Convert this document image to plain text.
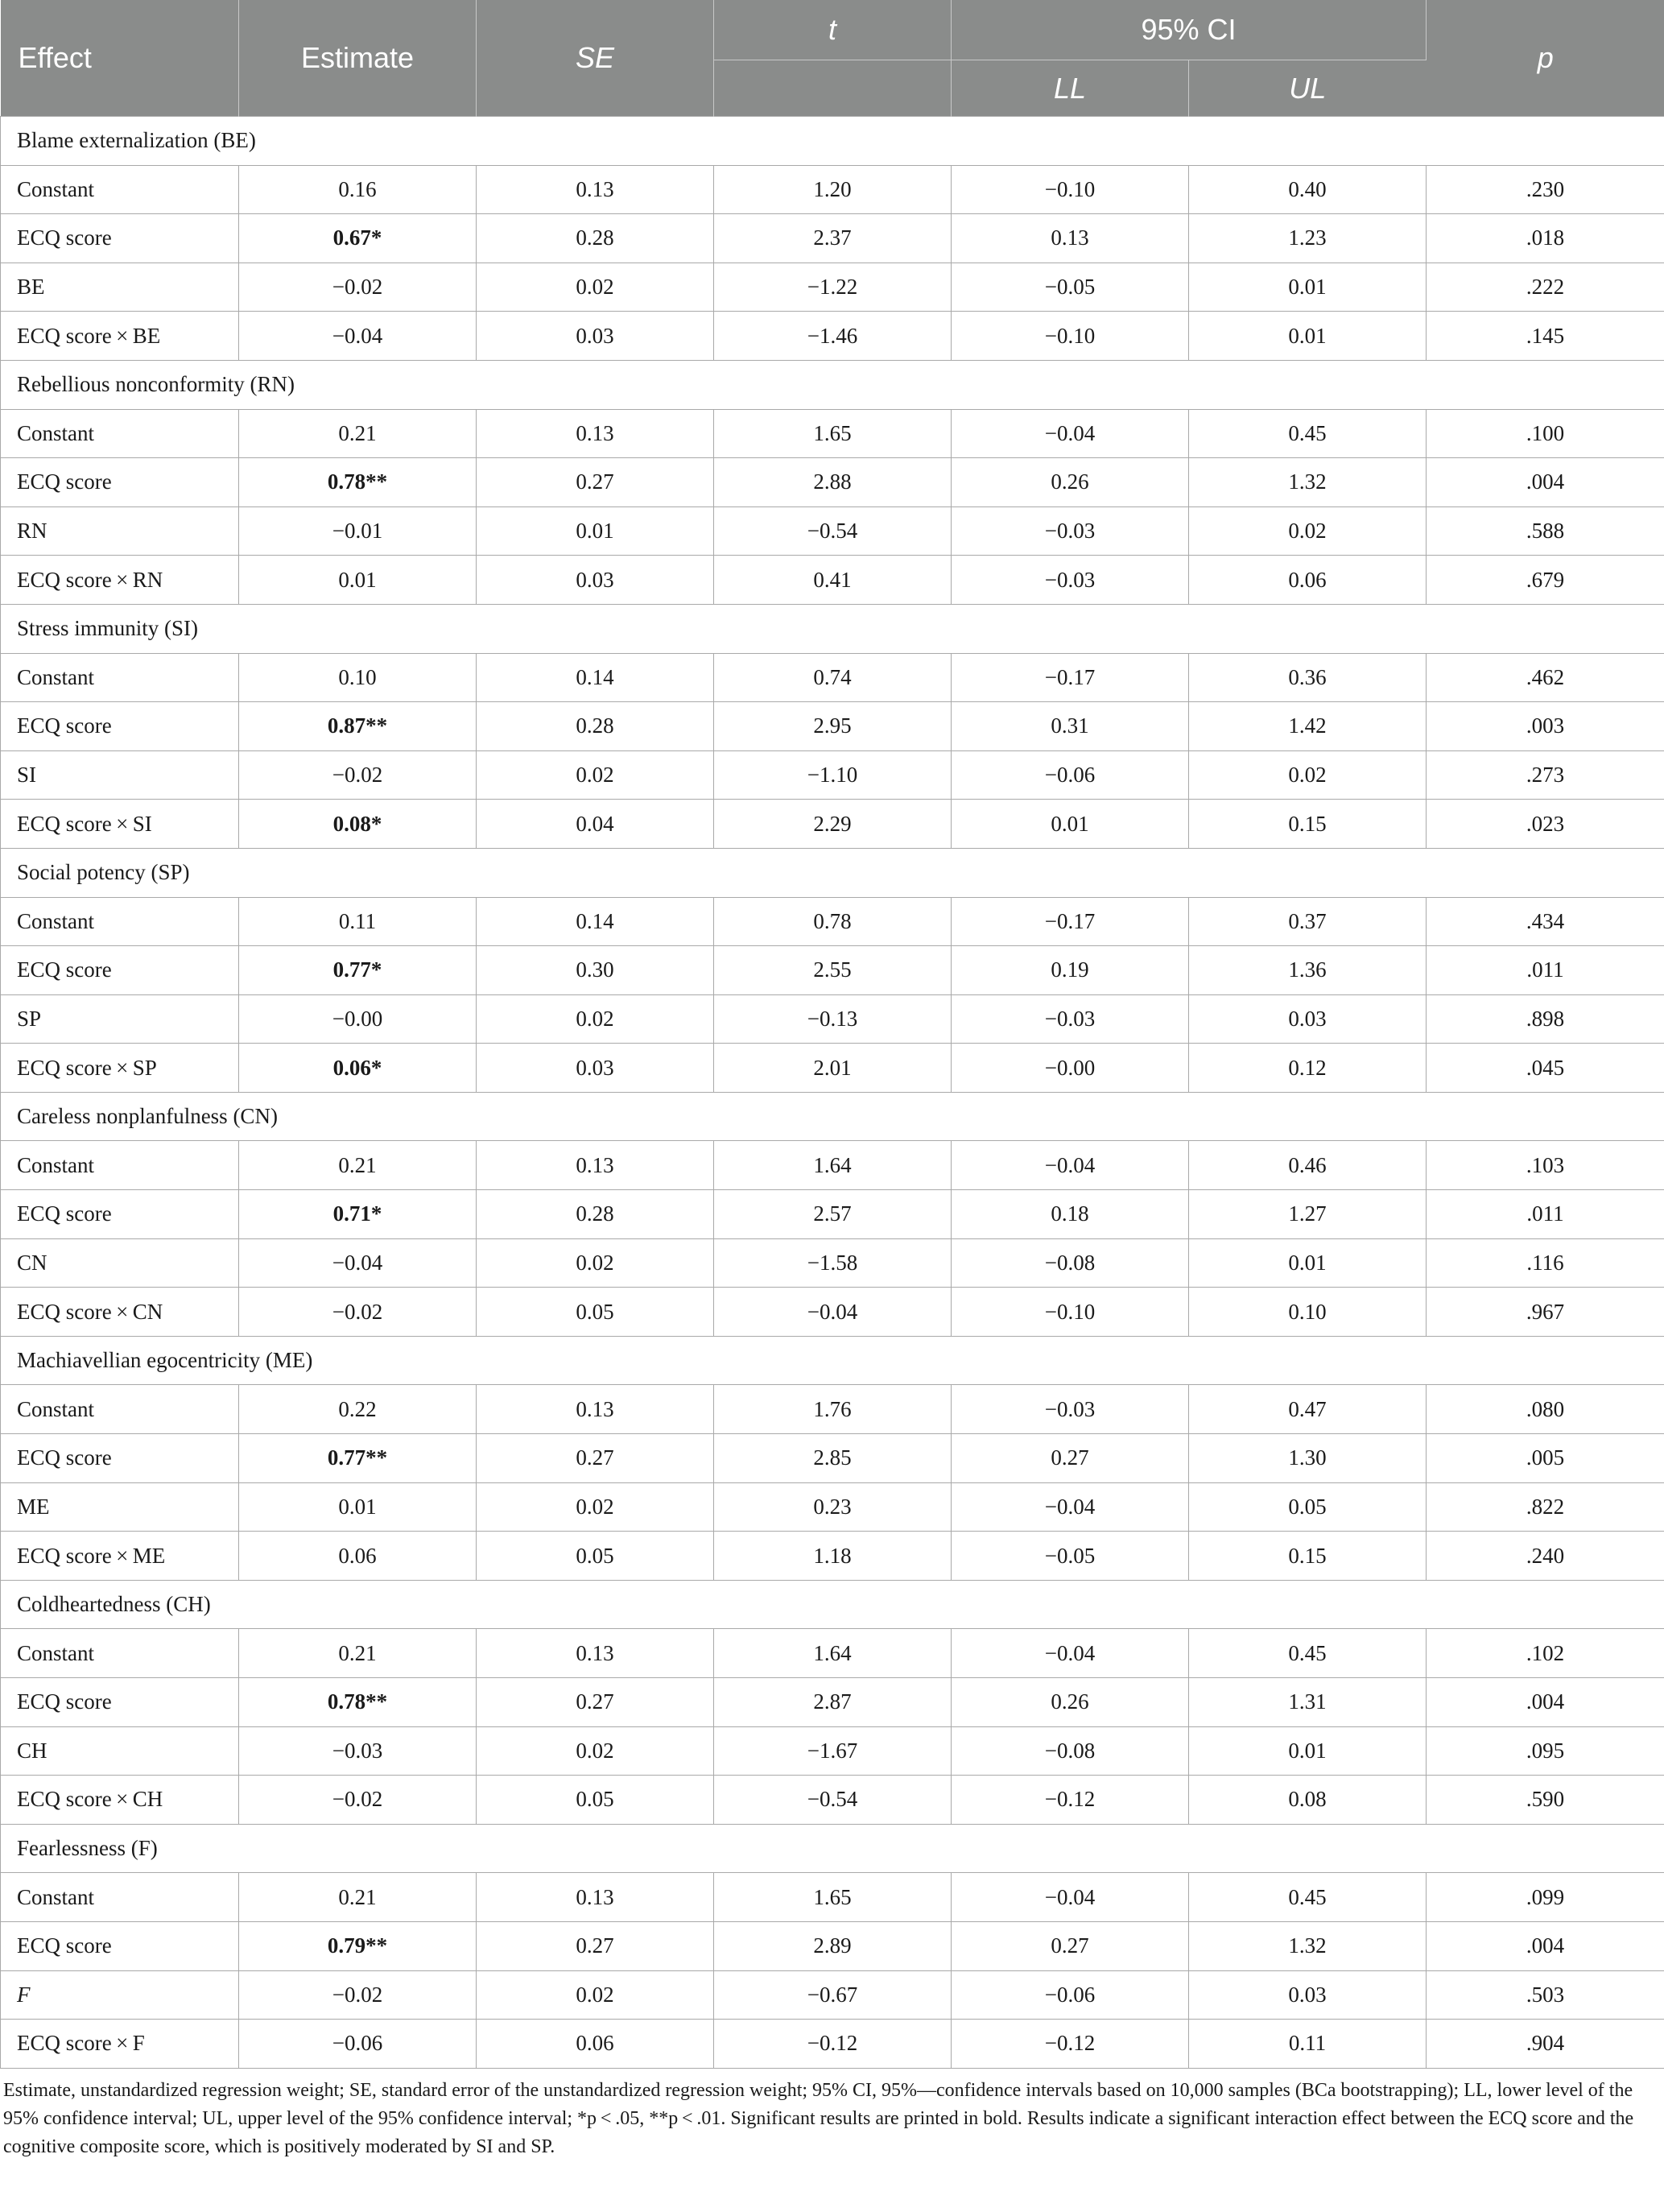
Effect	Estimate	SE	t	95% CI		p
				LL	UL	
Blame externalization (BE)						
Constant	0.16	0.13	1.20	−0.10	0.40	.230
ECQ score	0.67*	0.28	2.37	0.13	1.23	.018
BE	−0.02	0.02	−1.22	−0.05	0.01	.222
ECQ score × BE	−0.04	0.03	−1.46	−0.10	0.01	.145
Rebellious nonconformity (RN)						
Constant	0.21	0.13	1.65	−0.04	0.45	.100
ECQ score	0.78**	0.27	2.88	0.26	1.32	.004
RN	−0.01	0.01	−0.54	−0.03	0.02	.588
ECQ score × RN	0.01	0.03	0.41	−0.03	0.06	.679
Stress immunity (SI)						
Constant	0.10	0.14	0.74	−0.17	0.36	.462
ECQ score	0.87**	0.28	2.95	0.31	1.42	.003
SI	−0.02	0.02	−1.10	−0.06	0.02	.273
ECQ score × SI	0.08*	0.04	2.29	0.01	0.15	.023
Social potency (SP)						
Constant	0.11	0.14	0.78	−0.17	0.37	.434
ECQ score	0.77*	0.30	2.55	0.19	1.36	.011
SP	−0.00	0.02	−0.13	−0.03	0.03	.898
ECQ score × SP	0.06*	0.03	2.01	−0.00	0.12	.045
Careless nonplanfulness (CN)						
Constant	0.21	0.13	1.64	−0.04	0.46	.103
ECQ score	0.71*	0.28	2.57	0.18	1.27	.011
CN	−0.04	0.02	−1.58	−0.08	0.01	.116
ECQ score × CN	−0.02	0.05	−0.04	−0.10	0.10	.967
Machiavellian egocentricity (ME)						
Constant	0.22	0.13	1.76	−0.03	0.47	.080
ECQ score	0.77**	0.27	2.85	0.27	1.30	.005
ME	0.01	0.02	0.23	−0.04	0.05	.822
ECQ score × ME	0.06	0.05	1.18	−0.05	0.15	.240
Coldheartedness (CH)						
Constant	0.21	0.13	1.64	−0.04	0.45	.102
ECQ score	0.78**	0.27	2.87	0.26	1.31	.004
CH	−0.03	0.02	−1.67	−0.08	0.01	.095
ECQ score × CH	−0.02	0.05	−0.54	−0.12	0.08	.590
Fearlessness (F)						
Constant	0.21	0.13	1.65	−0.04	0.45	.099
ECQ score	0.79**	0.27	2.89	0.27	1.32	.004
F	−0.02	0.02	−0.67	−0.06	0.03	.503
ECQ score × F	−0.06	0.06	−0.12	−0.12	0.11	.904

Estimate, unstandardized regression weight; SE, standard error of the unstandardized regression weight; 95% CI, 95%—confidence intervals based on 10,000 samples (BCa bootstrapping); LL, lower level of the 95% confidence interval; UL, upper level of the 95% confidence interval; *p < .05, **p < .01. Significant results are printed in bold. Results indicate a significant interaction effect between the ECQ score and the cognitive composite score, which is positively moderated by SI and SP.
